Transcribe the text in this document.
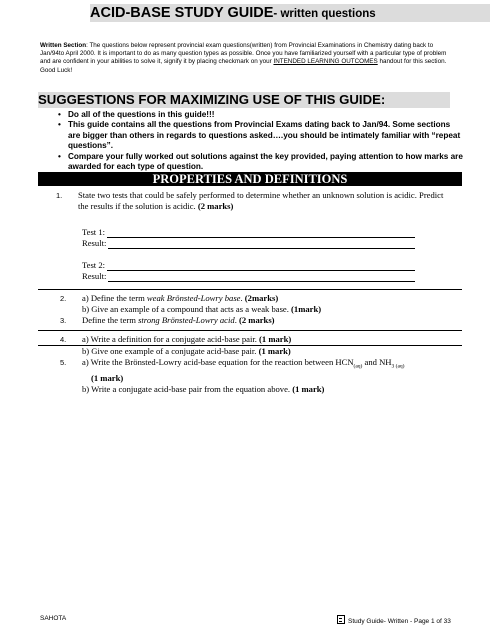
ACID-BASE STUDY GUIDE- written questions
Written Section: The questions below represent provincial exam questions(written) from Provincial Examinations in Chemistry dating back to Jan/94to April 2000. It is important to do as many question types as possible. Once you have familiarized yourself with a particular type of problem and are confident in your abilities to solve it, signify it by placing checkmark on your INTENDED LEARNING OUTCOMES handout for this section. Good Luck!
SUGGESTIONS FOR MAXIMIZING USE OF THIS GUIDE:
• Do all of the questions in this guide!!!
• This guide contains all the questions from Provincial Exams dating back to Jan/94. Some sections are bigger than others in regards to questions asked….you should be intimately familiar with “repeat questions”.
• Compare your fully worked out solutions against the key provided, paying attention to how marks are awarded for each type of question.
PROPERTIES AND DEFINITIONS
1. State two tests that could be safely performed to determine whether an unknown solution is acidic. Predict the results if the solution is acidic. (2 marks)
Test 1:
Result:
Test 2:
Result:
2. a) Define the term weak Brönsted-Lowry base. (2marks)
b) Give an example of a compound that acts as a weak base. (1mark)
3. Define the term strong Brönsted-Lowry acid. (2 marks)
4. a) Write a definition for a conjugate acid-base pair. (1 mark)
b) Give one example of a conjugate acid-base pair. (1 mark)
5. a) Write the Brönsted-Lowry acid-base equation for the reaction between $HCN_{(aq)}$ and $NH_{3 (aq)}$
(1 mark)
b) Write a conjugate acid-base pair from the equation above. (1 mark)
SAHOTA	Study Guide- Written - Page 1 of 33
